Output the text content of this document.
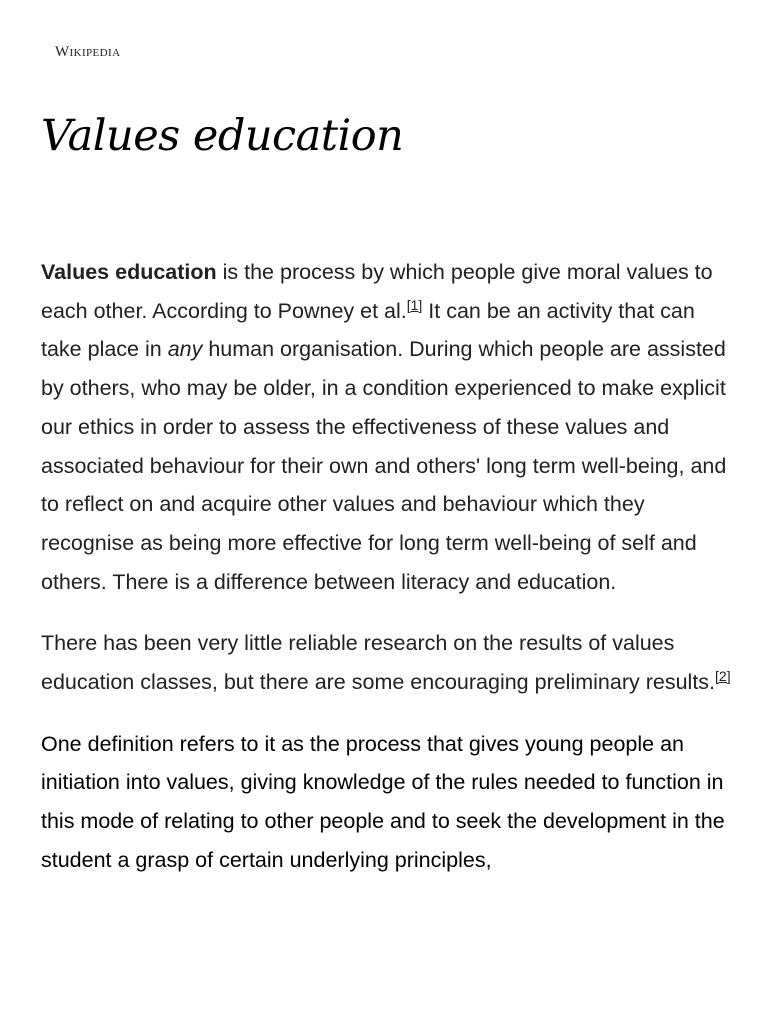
Wikipedia
Values education

Values education is the process by which people give moral values to each other. According to Powney et al.[1] It can be an activity that can take place in any human organisation. During which people are assisted by others, who may be older, in a condition experienced to make explicit our ethics in order to assess the effectiveness of these values and associated behaviour for their own and others' long term well-being, and to reflect on and acquire other values and behaviour which they recognise as being more effective for long term well-being of self and others. There is a difference between literacy and education.

There has been very little reliable research on the results of values education classes, but there are some encouraging preliminary results.[2]

One definition refers to it as the process that gives young people an initiation into values, giving knowledge of the rules needed to function in this mode of relating to other people and to seek the development in the student a grasp of certain underlying principles,
